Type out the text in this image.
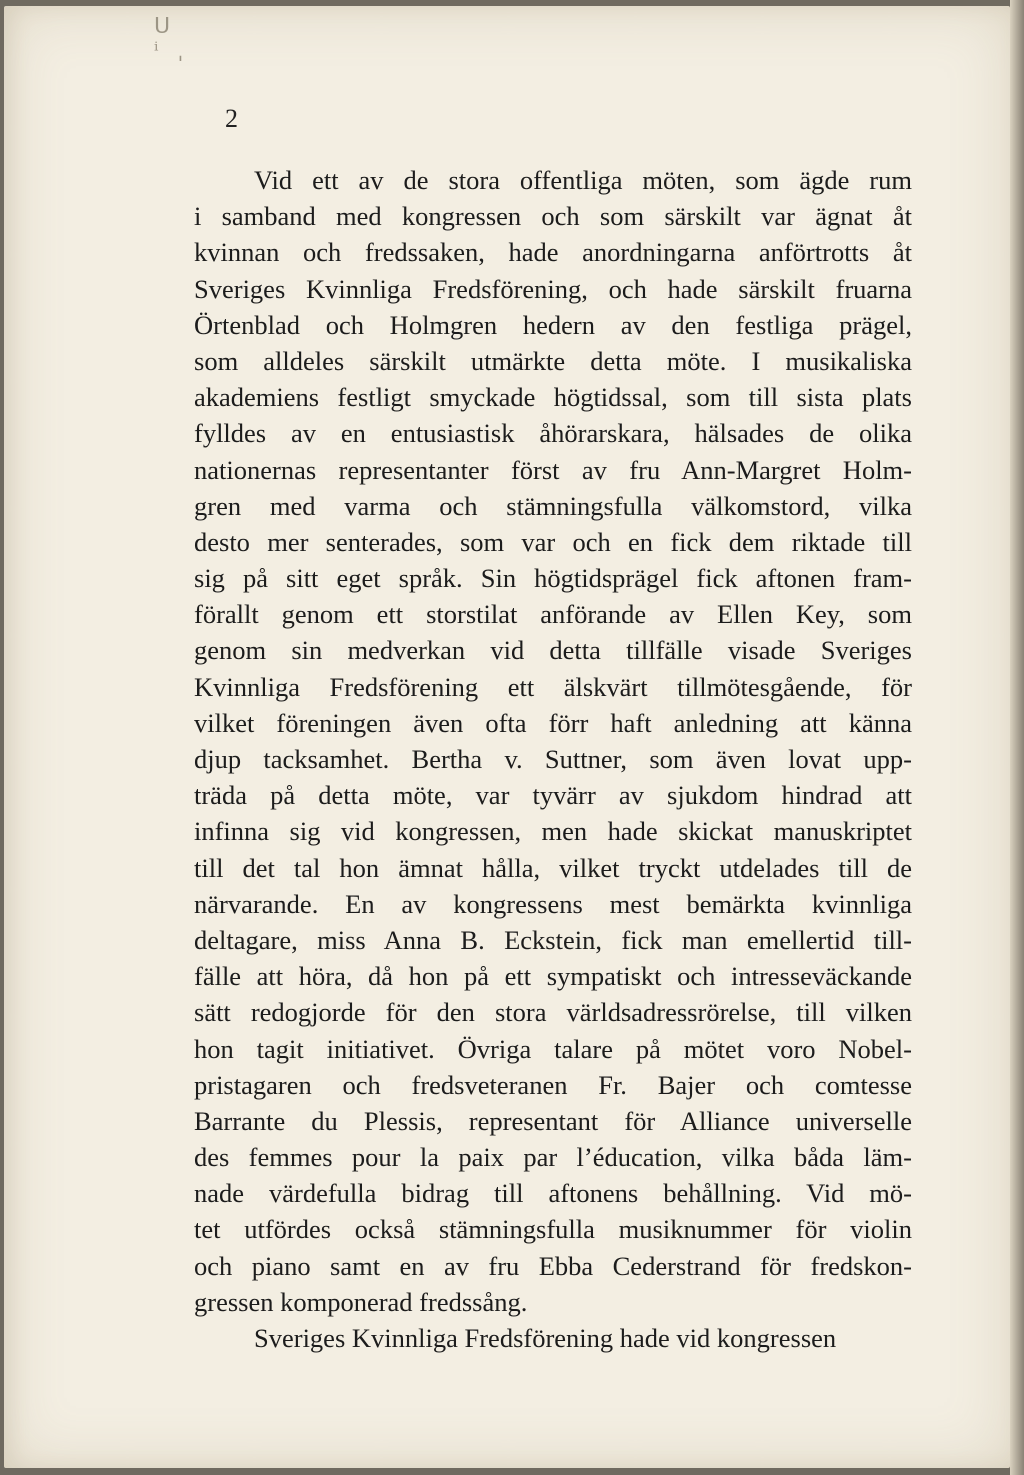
ᑌ ⁱ ˌ
2
Vid ett av de stora offentliga möten, som ägde rum
i samband med kongressen och som särskilt var ägnat åt
kvinnan och fredssaken, hade anordningarna anförtrotts åt
Sveriges Kvinnliga Fredsförening, och hade särskilt fruarna
Örtenblad och Holmgren hedern av den festliga prägel,
som alldeles särskilt utmärkte detta möte. I musikaliska
akademiens festligt smyckade högtidssal, som till sista plats
fylldes av en entusiastisk åhörarskara, hälsades de olika
nationernas representanter först av fru Ann-Margret Holm-
gren med varma och stämningsfulla välkomstord, vilka
desto mer senterades, som var och en fick dem riktade till
sig på sitt eget språk. Sin högtidsprägel fick aftonen fram-
förallt genom ett storstilat anförande av Ellen Key, som
genom sin medverkan vid detta tillfälle visade Sveriges
Kvinnliga Fredsförening ett älskvärt tillmötesgående, för
vilket föreningen även ofta förr haft anledning att känna
djup tacksamhet. Bertha v. Suttner, som även lovat upp-
träda på detta möte, var tyvärr av sjukdom hindrad att
infinna sig vid kongressen, men hade skickat manuskriptet
till det tal hon ämnat hålla, vilket tryckt utdelades till de
närvarande. En av kongressens mest bemärkta kvinnliga
deltagare, miss Anna B. Eckstein, fick man emellertid till-
fälle att höra, då hon på ett sympatiskt och intresseväckande
sätt redogjorde för den stora världsadressrörelse, till vilken
hon tagit initiativet. Övriga talare på mötet voro Nobel-
pristagaren och fredsveteranen Fr. Bajer och comtesse
Barrante du Plessis, representant för Alliance universelle
des femmes pour la paix par l’éducation, vilka båda läm-
nade värdefulla bidrag till aftonens behållning. Vid mö-
tet utfördes också stämningsfulla musiknummer för violin
och piano samt en av fru Ebba Cederstrand för fredskon-
gressen komponerad fredssång.
Sveriges Kvinnliga Fredsförening hade vid kongressen
